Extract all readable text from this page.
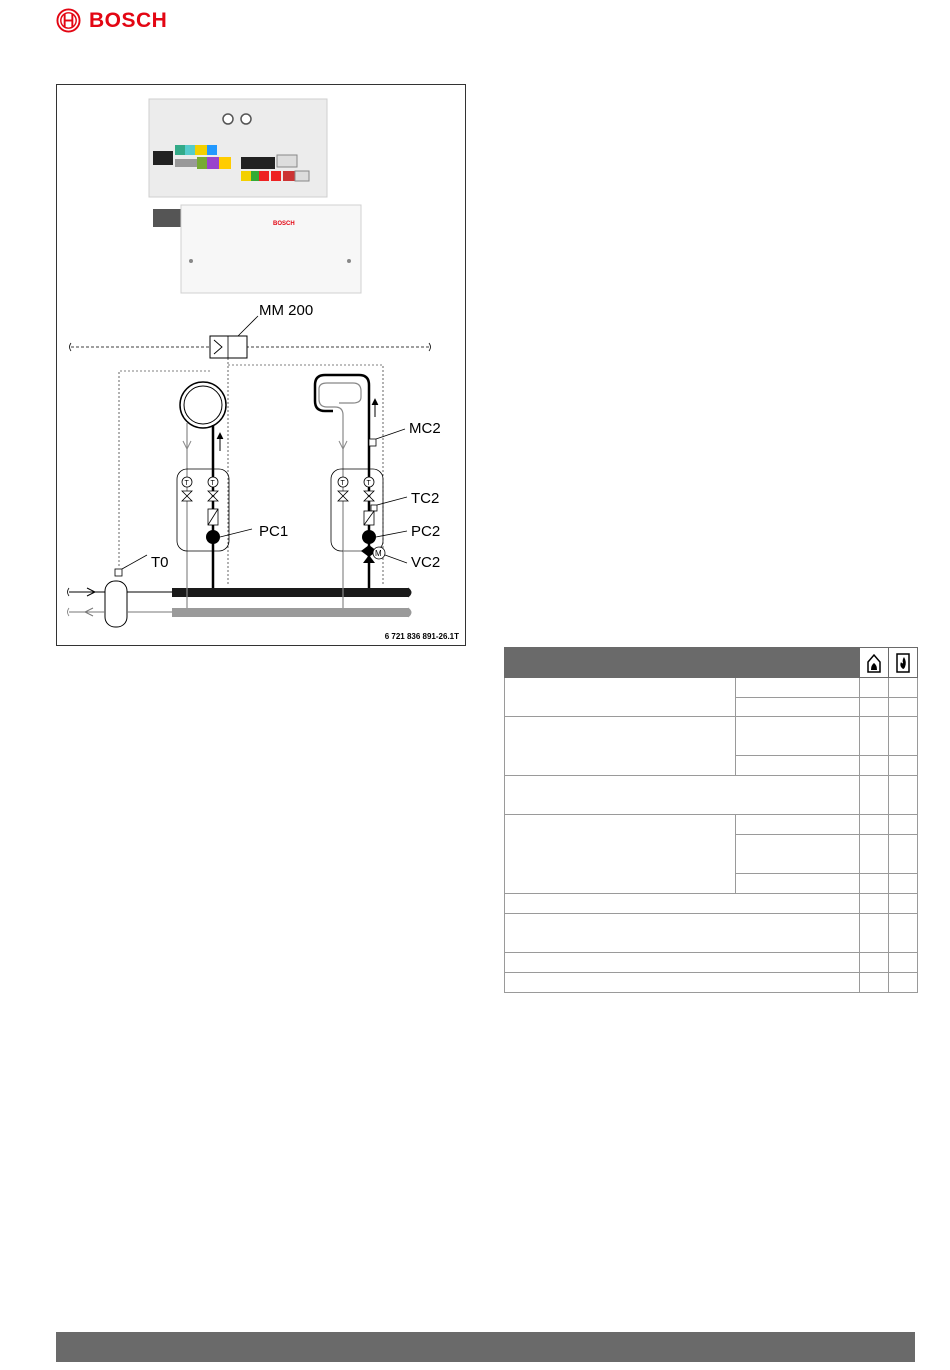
BOSCH
BOSCH
MM 200
T0
T	T
PC1
MC2
T	T
TC2
PC2
M
VC2
6 721 836 891-26.1T
